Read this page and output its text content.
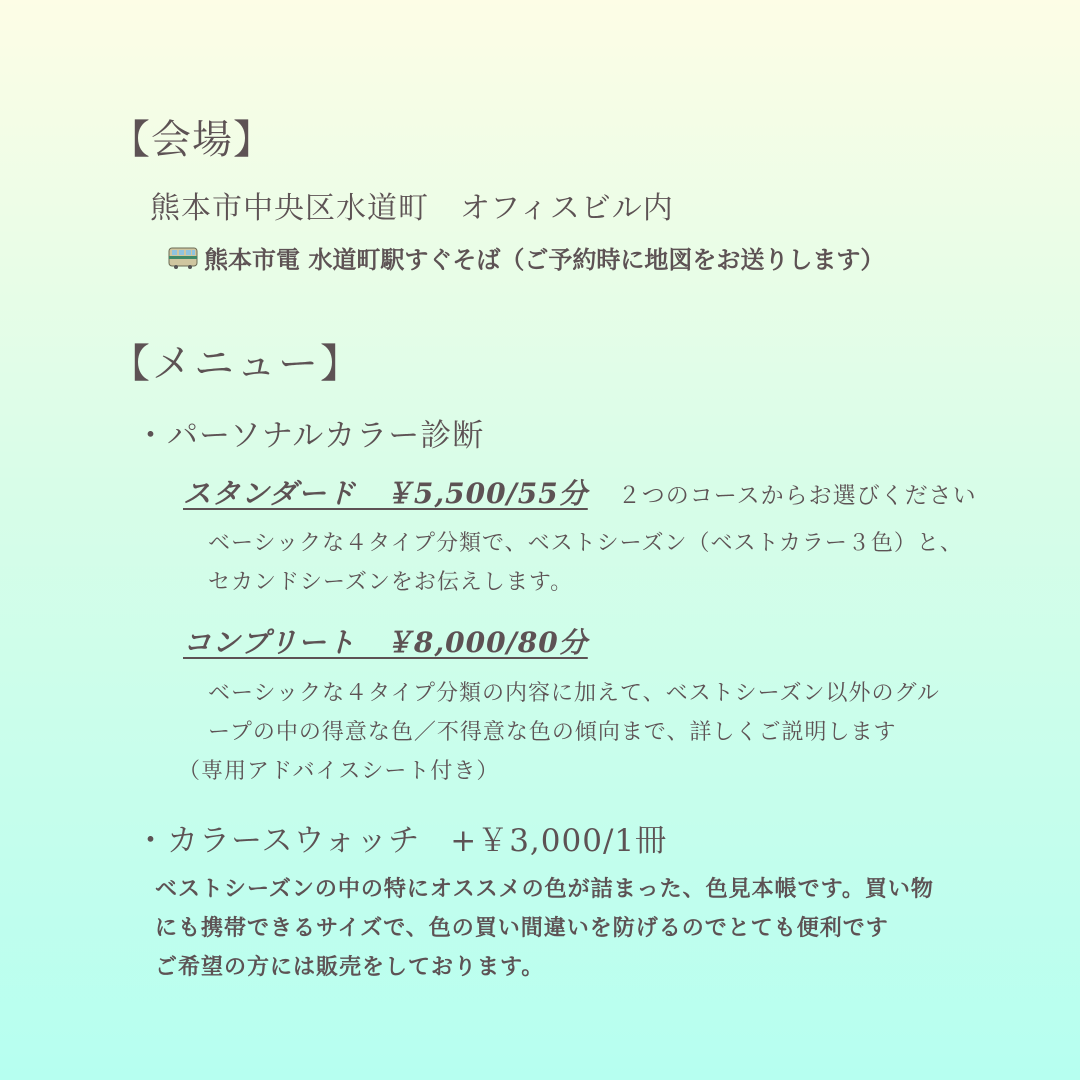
【会場】
熊本市中央区水道町　オフィスビル内
熊本市電 水道町駅すぐそば（ご予約時に地図をお送りします）
【メニュー】
・パーソナルカラー診断
スタンダード　￥5,500/55分 ２つのコースからお選びください
ベーシックな４タイプ分類で、ベストシーズン（ベストカラー３色）と、
セカンドシーズンをお伝えします。
コンプリート　￥8,000/80分
ベーシックな４タイプ分類の内容に加えて、ベストシーズン以外のグル
ープの中の得意な色／不得意な色の傾向まで、詳しくご説明します
（専用アドバイスシート付き）
・カラースウォッチ +￥3,000/1冊
ベストシーズンの中の特にオススメの色が詰まった、色見本帳です。買い物
にも携帯できるサイズで、色の買い間違いを防げるのでとても便利です
ご希望の方には販売をしております。
